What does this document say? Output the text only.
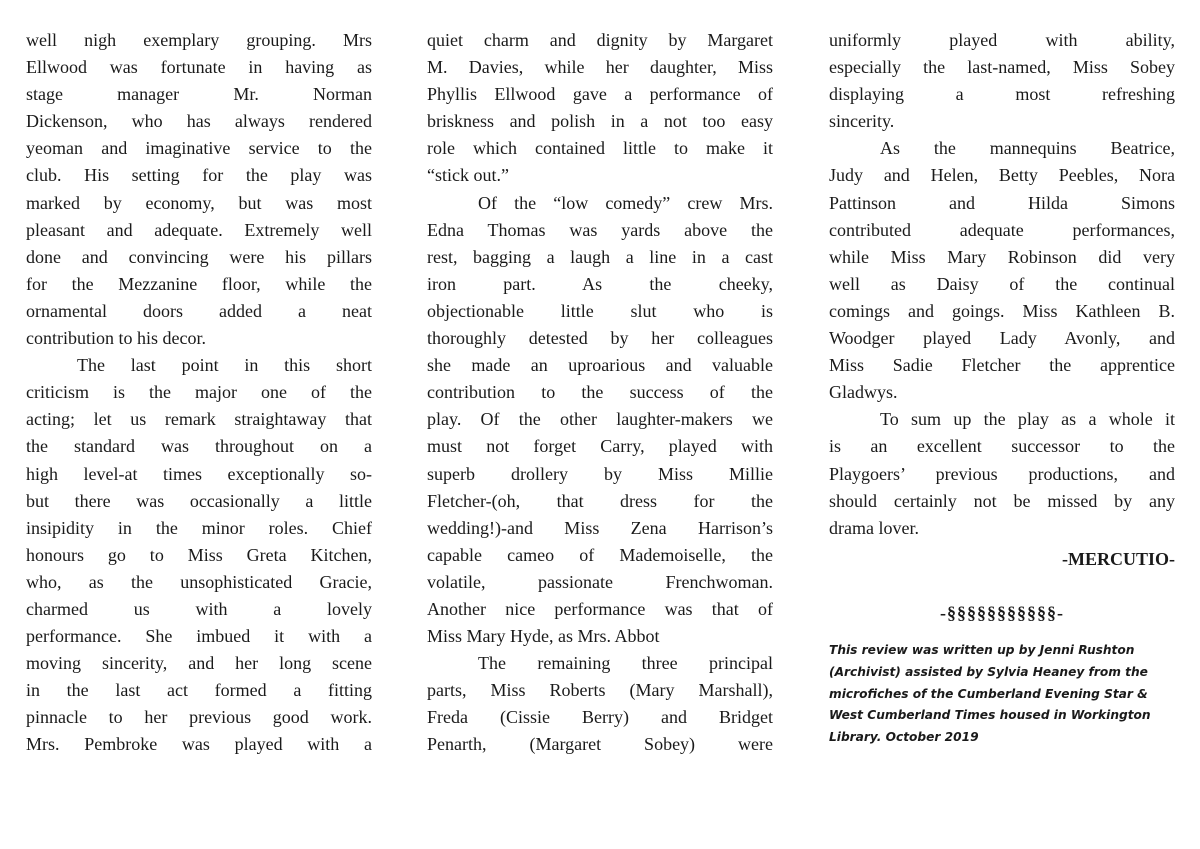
well nigh exemplary grouping. Mrs
Ellwood was fortunate in having as
stage manager Mr. Norman
Dickenson, who has always rendered
yeoman and imaginative service to the
club. His setting for the play was
marked by economy, but was most
pleasant and adequate. Extremely well
done and convincing were his pillars
for the Mezzanine floor, while the
ornamental doors added a neat
contribution to his decor.
The last point in this short
criticism is the major one of the
acting; let us remark straightaway that
the standard was throughout on a
high level-at times exceptionally so-
but there was occasionally a little
insipidity in the minor roles. Chief
honours go to Miss Greta Kitchen,
who, as the unsophisticated Gracie,
charmed us with a lovely
performance. She imbued it with a
moving sincerity, and her long scene
in the last act formed a fitting
pinnacle to her previous good work.
Mrs. Pembroke was played with a
quiet charm and dignity by Margaret
M. Davies, while her daughter, Miss
Phyllis Ellwood gave a performance of
briskness and polish in a not too easy
role which contained little to make it
“stick out.”
Of the “low comedy” crew Mrs.
Edna Thomas was yards above the
rest, bagging a laugh a line in a cast
iron part. As the cheeky,
objectionable little slut who is
thoroughly detested by her colleagues
she made an uproarious and valuable
contribution to the success of the
play. Of the other laughter-makers we
must not forget Carry, played with
superb drollery by Miss Millie
Fletcher-(oh, that dress for the
wedding!)-and Miss Zena Harrison’s
capable cameo of Mademoiselle, the
volatile, passionate Frenchwoman.
Another nice performance was that of
Miss Mary Hyde, as Mrs. Abbot
The remaining three principal
parts, Miss Roberts (Mary Marshall),
Freda (Cissie Berry) and Bridget
Penarth, (Margaret Sobey) were
uniformly played with ability,
especially the last-named, Miss Sobey
displaying a most refreshing
sincerity.
As the mannequins Beatrice,
Judy and Helen, Betty Peebles, Nora
Pattinson and Hilda Simons
contributed adequate performances,
while Miss Mary Robinson did very
well as Daisy of the continual
comings and goings. Miss Kathleen B.
Woodger played Lady Avonly, and
Miss Sadie Fletcher the apprentice
Gladwys.
To sum up the play as a whole it
is an excellent successor to the
Playgoers’ previous productions, and
should certainly not be missed by any
drama lover.
-MERCUTIO-
-§§§§§§§§§§§-
This review was written up by Jenni Rushton
(Archivist) assisted by Sylvia Heaney from the
microfiches of the Cumberland Evening Star &
West Cumberland Times housed in Workington
Library. October 2019
